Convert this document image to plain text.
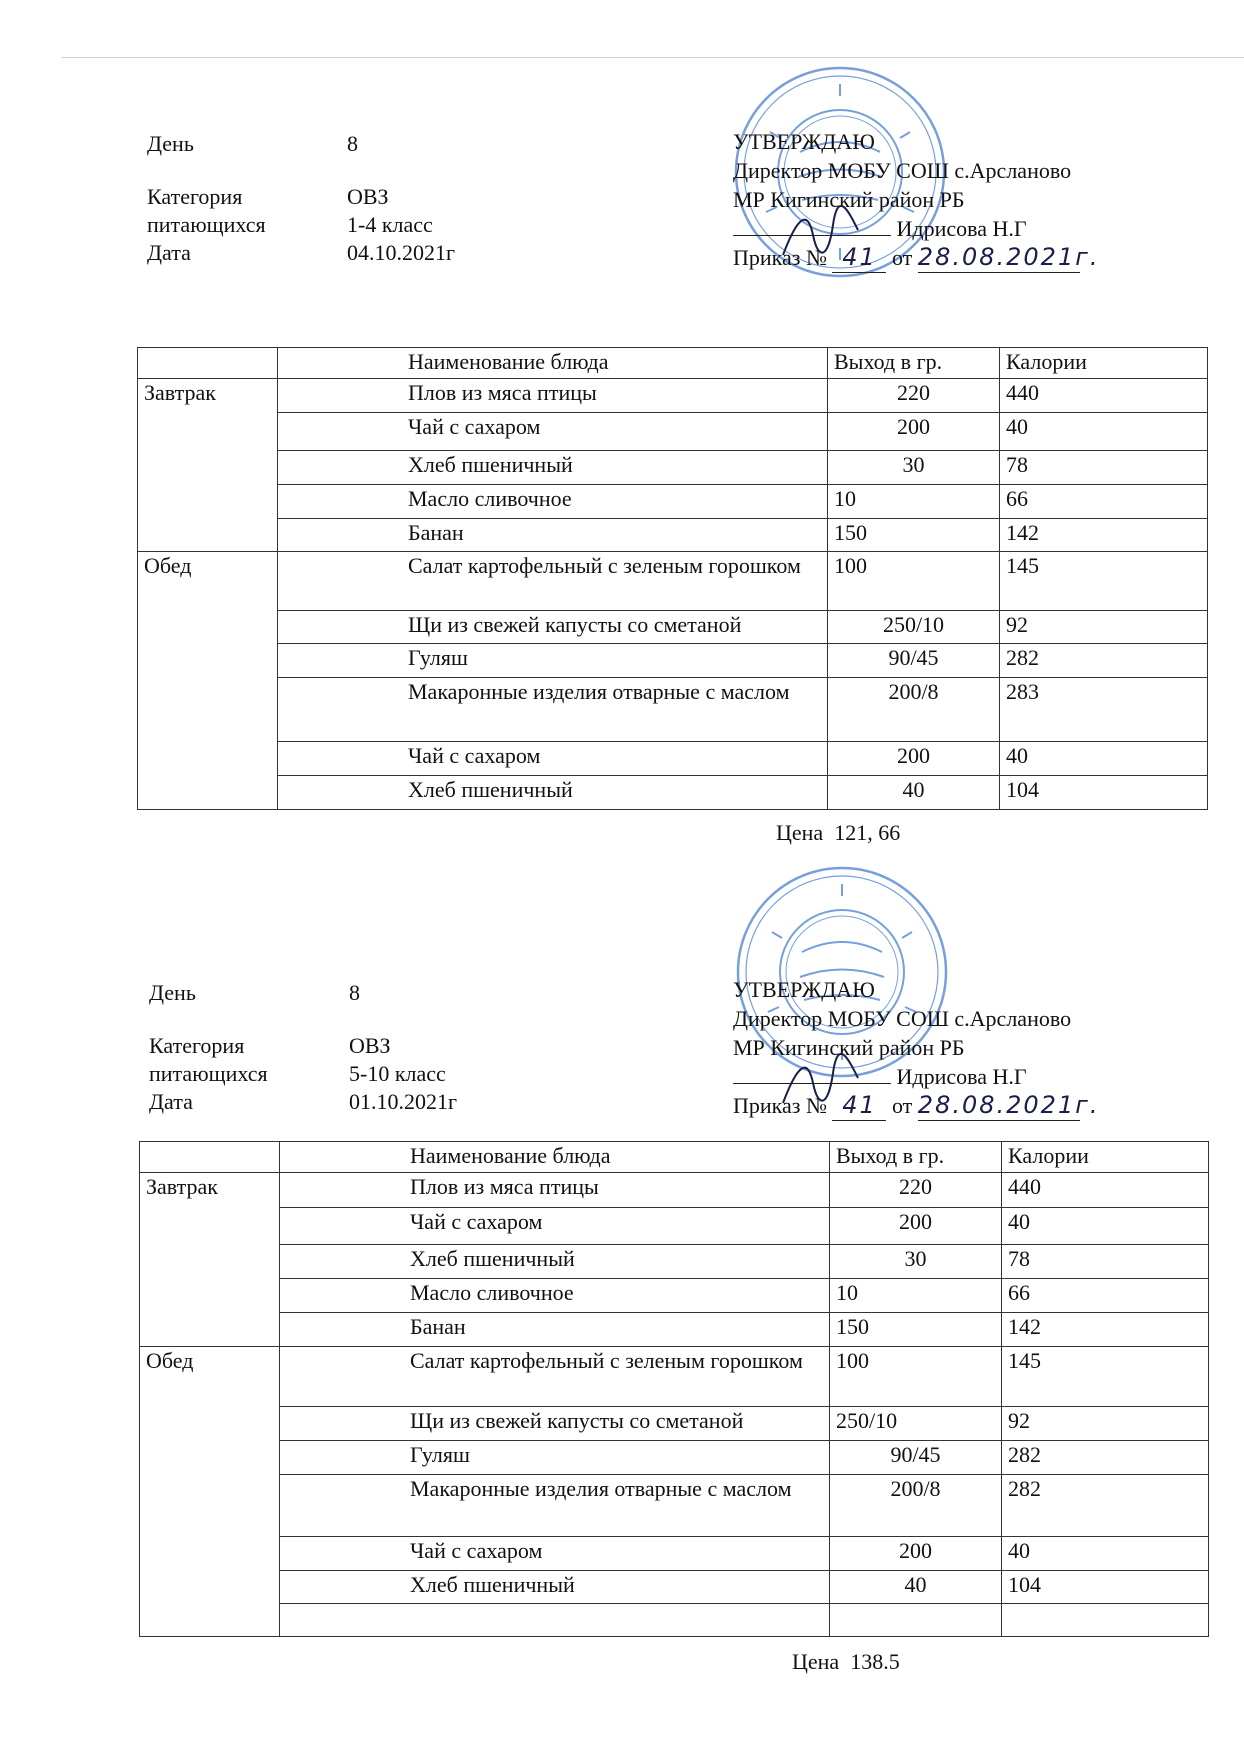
День	8
Категория	ОВЗ
питающихся	1-4 класс
Дата	04.10.2021г
УТВЕРЖДАЮ
Директор МОБУ СОШ с.Арсланово
МР Кигинский район РБ
Идрисова Н.Г
Приказ № 41 от 28.08.2021г.
	Наименование блюда	Выход в гр.	Калории
Завтрак	Плов из мяса птицы	220	440
	Чай с сахаром	200	40
	Хлеб пшеничный	30	78
	Масло сливочное	10	66
	Банан	150	142
Обед	Салат картофельный с зеленым горошком	100	145
	Щи из свежей капусты со сметаной	250/10	92
	Гуляш	90/45	282
	Макаронные изделия отварные с маслом	200/8	283
	Чай с сахаром	200	40
	Хлеб пшеничный	40	104
Цена 121, 66
День	8
Категория	ОВЗ
питающихся	5-10 класс
Дата	01.10.2021г
УТВЕРЖДАЮ
Директор МОБУ СОШ с.Арсланово
МР Кигинский район РБ
Идрисова Н.Г
Приказ № 41 от 28.08.2021г.
	Наименование блюда	Выход в гр.	Калории
Завтрак	Плов из мяса птицы	220	440
	Чай с сахаром	200	40
	Хлеб пшеничный	30	78
	Масло сливочное	10	66
	Банан	150	142
Обед	Салат картофельный с зеленым горошком	100	145
	Щи из свежей капусты со сметаной	250/10	92
	Гуляш	90/45	282
	Макаронные изделия отварные с маслом	200/8	282
	Чай с сахаром	200	40
	Хлеб пшеничный	40	104

Цена 138.5
